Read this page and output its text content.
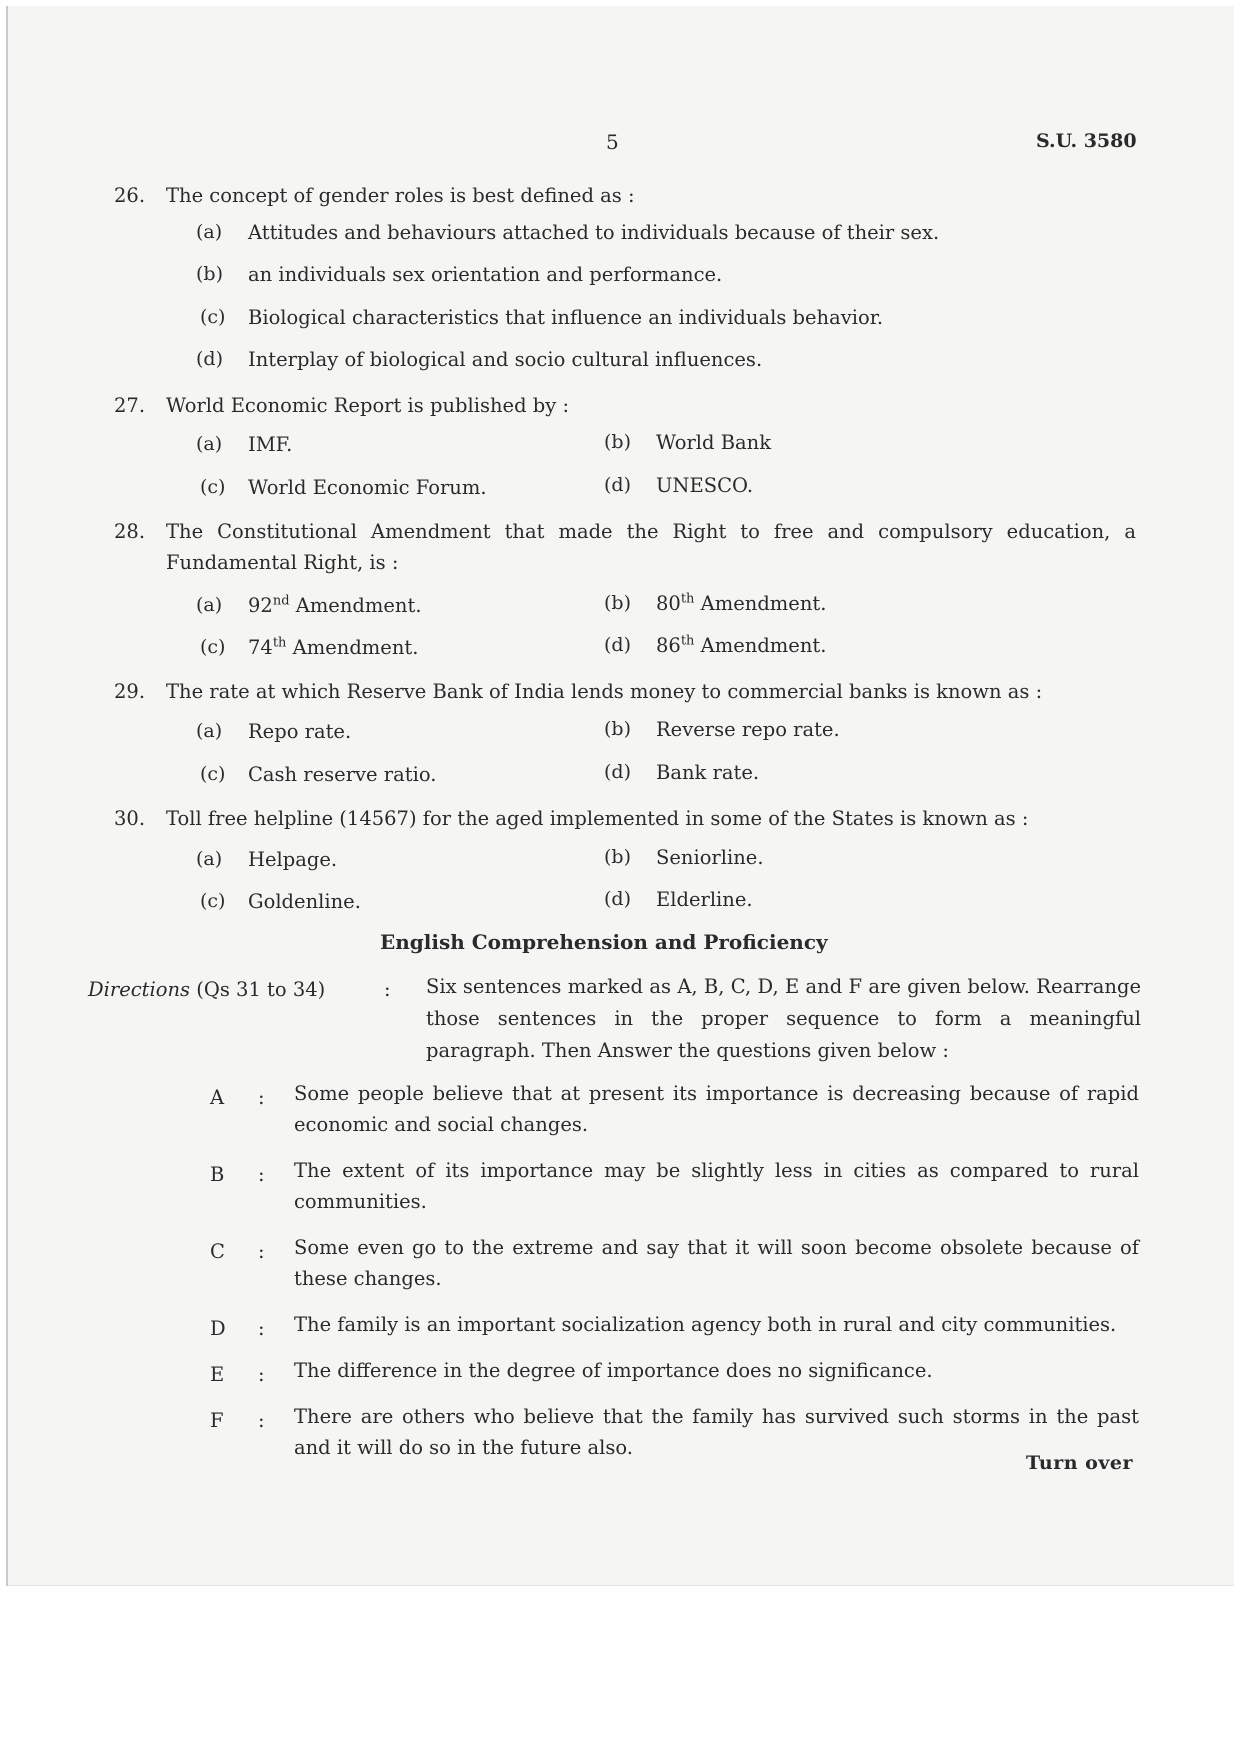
5	S.U. 3580
26. The concept of gender roles is best defined as :
(a) Attitudes and behaviours attached to individuals because of their sex.
(b) an individuals sex orientation and performance.
(c) Biological characteristics that influence an individuals behavior.
(d) Interplay of biological and socio cultural influences.
27. World Economic Report is published by :
(a) IMF.	(b) World Bank
(c) World Economic Forum.	(d) UNESCO.
28. The Constitutional Amendment that made the Right to free and compulsory education, a Fundamental Right, is :
(a) 92nd Amendment.	(b) 80th Amendment.
(c) 74th Amendment.	(d) 86th Amendment.
29. The rate at which Reserve Bank of India lends money to commercial banks is known as :
(a) Repo rate.	(b) Reverse repo rate.
(c) Cash reserve ratio.	(d) Bank rate.
30. Toll free helpline (14567) for the aged implemented in some of the States is known as :
(a) Helpage.	(b) Seniorline.
(c) Goldenline.	(d) Elderline.
English Comprehension and Proficiency
Directions (Qs 31 to 34)	: Six sentences marked as A, B, C, D, E and F are given below. Rearrange those sentences in the proper sequence to form a meaningful paragraph. Then Answer the questions given below :
A : Some people believe that at present its importance is decreasing because of rapid economic and social changes.
B : The extent of its importance may be slightly less in cities as compared to rural communities.
C : Some even go to the extreme and say that it will soon become obsolete because of these changes.
D : The family is an important socialization agency both in rural and city communities.
E : The difference in the degree of importance does no significance.
F : There are others who believe that the family has survived such storms in the past and it will do so in the future also.
Turn over
